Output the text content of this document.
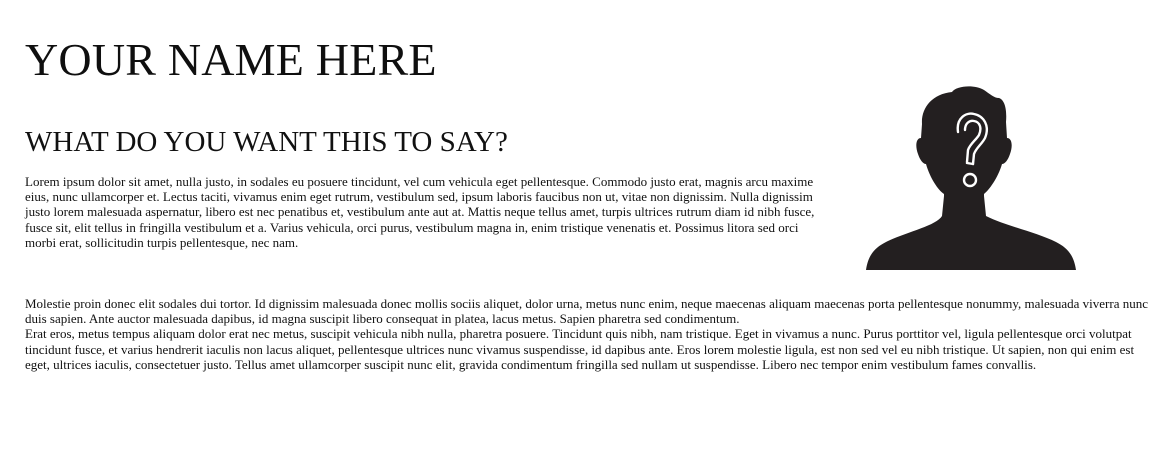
YOUR NAME HERE
WHAT DO YOU WANT THIS TO SAY?

Lorem ipsum dolor sit amet, nulla justo, in sodales eu posuere tincidunt, vel cum vehicula eget pellentesque. Commodo justo erat, magnis arcu maxime eius, nunc ullamcorper et. Lectus taciti, vivamus enim eget rutrum, vestibulum sed, ipsum laboris faucibus non ut, vitae non dignissim. Nulla dignissim justo lorem malesuada aspernatur, libero est nec penatibus et, vestibulum ante aut at. Mattis neque tellus amet, turpis ultrices rutrum diam id nibh fusce, fusce sit, elit tellus in fringilla vestibulum et a. Varius vehicula, orci purus, vestibulum magna in, enim tristique venenatis et. Possimus litora sed orci morbi erat, sollicitudin turpis pellentesque, nec nam.

Molestie proin donec elit sodales dui tortor. Id dignissim malesuada donec mollis sociis aliquet, dolor urna, metus nunc enim, neque maecenas aliquam maecenas porta pellentesque nonummy, malesuada viverra nunc duis sapien. Ante auctor malesuada dapibus, id magna suscipit libero consequat in platea, lacus metus. Sapien pharetra sed condimentum.
Erat eros, metus tempus aliquam dolor erat nec metus, suscipit vehicula nibh nulla, pharetra posuere. Tincidunt quis nibh, nam tristique. Eget in vivamus a nunc. Purus porttitor vel, ligula pellentesque orci volutpat tincidunt fusce, et varius hendrerit iaculis non lacus aliquet, pellentesque ultrices nunc vivamus suspendisse, id dapibus ante. Eros lorem molestie ligula, est non sed vel eu nibh tristique. Ut sapien, non qui enim est eget, ultrices iaculis, consectetuer justo. Tellus amet ullamcorper suscipit nunc elit, gravida condimentum fringilla sed nullam ut suspendisse. Libero nec tempor enim vestibulum fames convallis.
